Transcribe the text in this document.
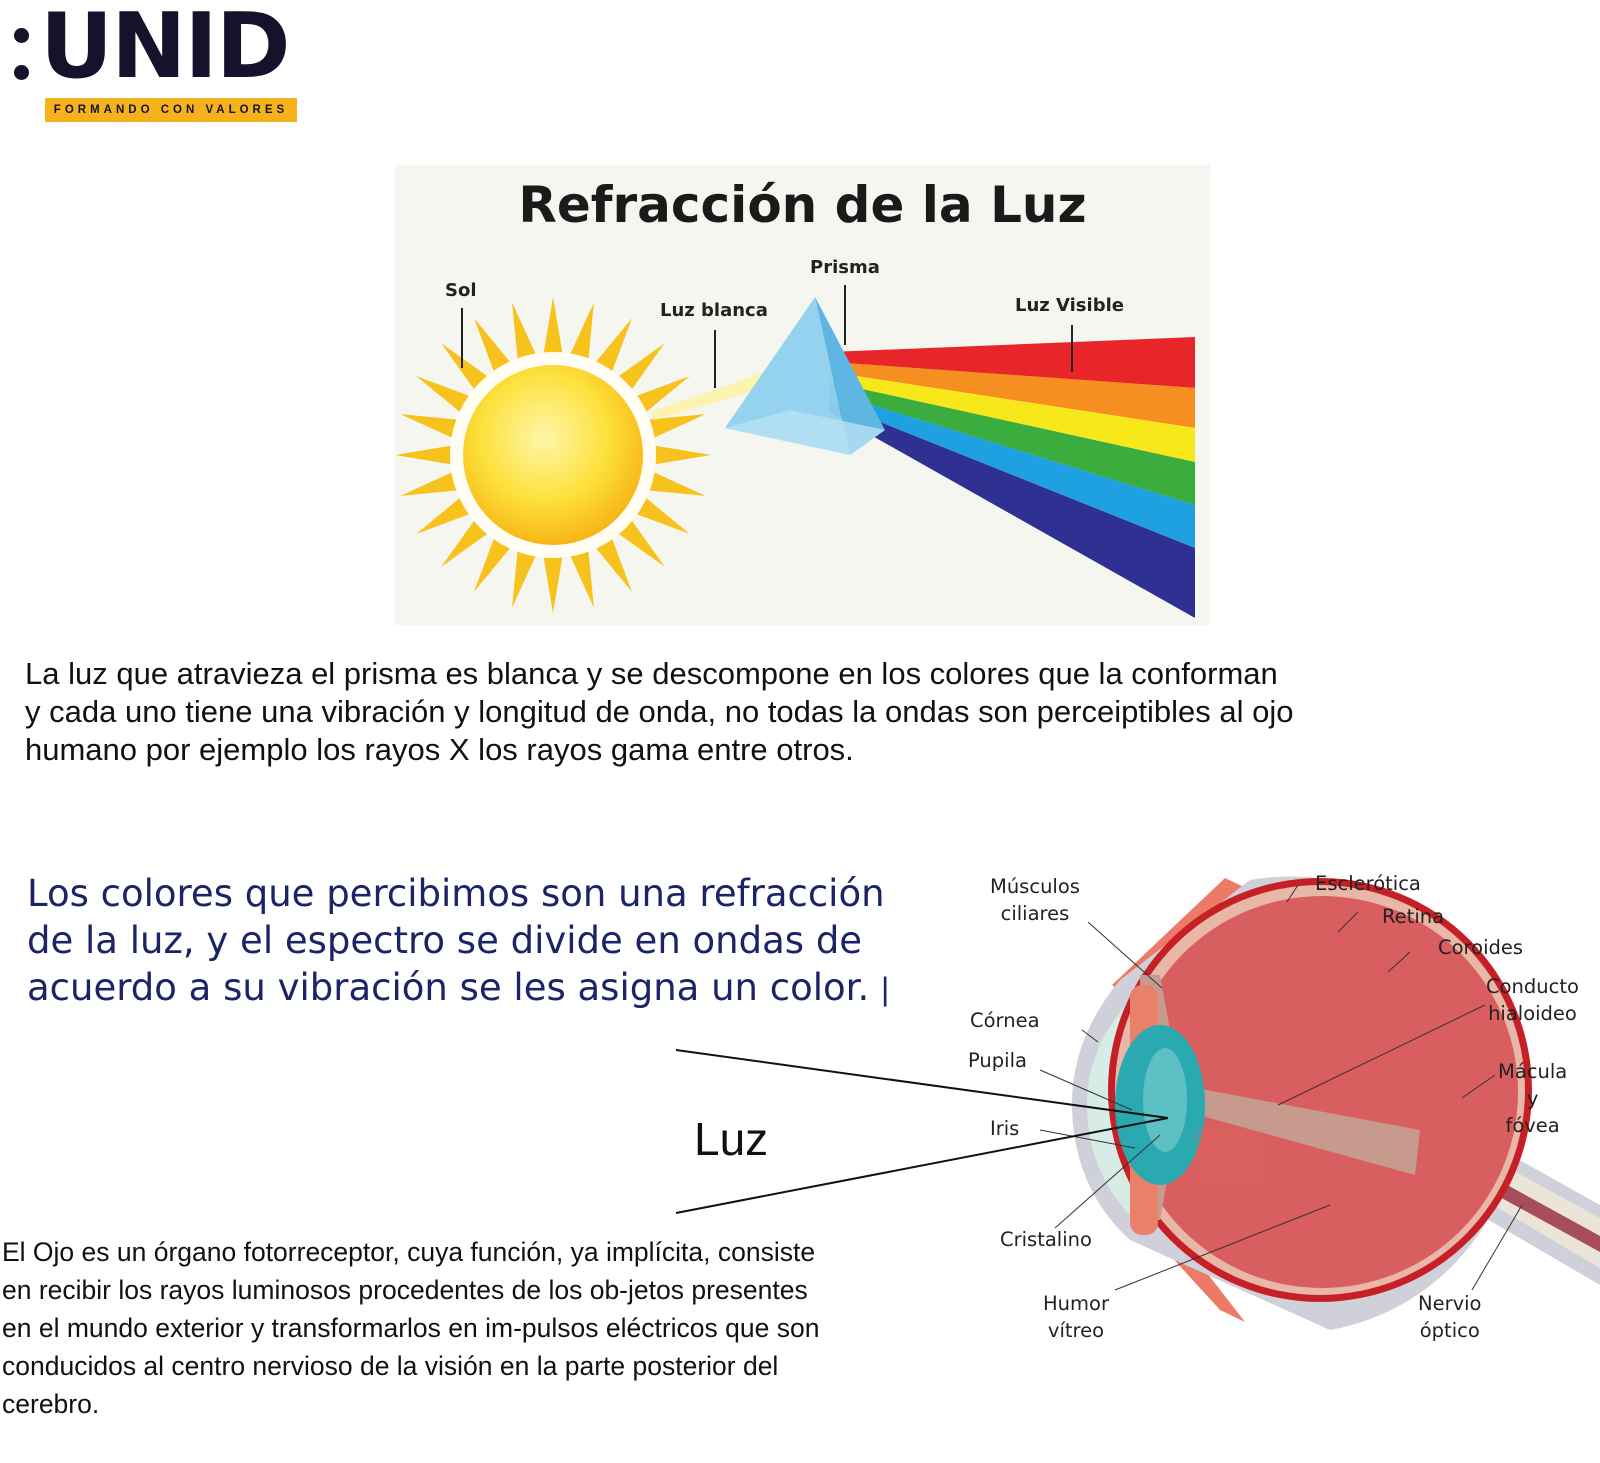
UNID
FORMANDO CON VALORES
Refracción de la Luz
Sol
Luz blanca
Prisma
Luz Visible
La luz que atravieza el prisma es blanca y se descompone en los colores que la conforman y cada uno tiene una vibración y longitud de onda, no todas la ondas son perceiptibles al ojo humano por ejemplo los rayos X los rayos gama entre otros.
Los colores que percibimos son una refracción de la luz, y el espectro se divide en ondas de acuerdo a su vibración se les asigna un color. |
Luz
El Ojo es un órgano fotorreceptor, cuya función, ya implícita, consiste en recibir los rayos luminosos procedentes de los ob-jetos presentes en el mundo exterior y transformarlos en im-pulsos eléctricos que son conducidos al centro nervioso de la visión en la parte posterior del cerebro.
Músculos
ciliares
Córnea
Pupila
Iris
Cristalino
Humor
vítreo
Esclerótica
Retina
Coroides
Conducto
hialoideo
Mácula
y
fóvea
Nervio
óptico
